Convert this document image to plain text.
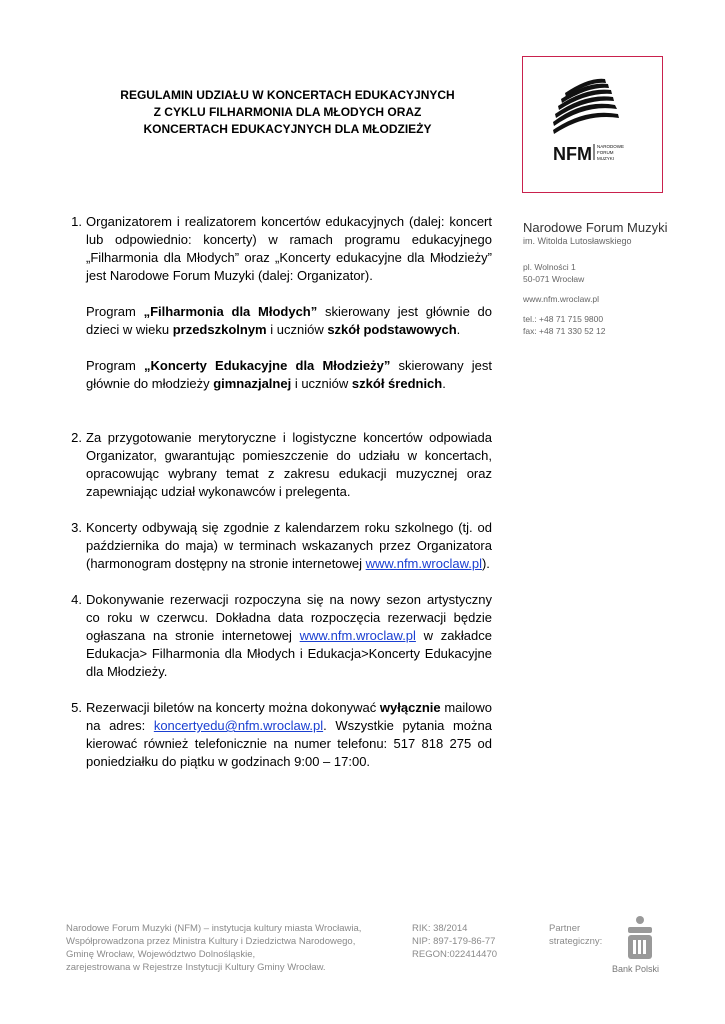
REGULAMIN UDZIAŁU W KONCERTACH EDUKACYJNYCH
Z CYKLU FILHARMONIA DLA MŁODYCH ORAZ
KONCERTACH EDUKACYJNYCH DLA MŁODZIEŻY
NFM NARODOWE
FORUM
MUZYKI
Narodowe Forum Muzyki
im. Witolda Lutosławskiego
pl. Wolności 1
50-071 Wrocław
www.nfm.wroclaw.pl
tel.: +48 71 715 9800
fax: +48 71 330 52 12
1. Organizatorem i realizatorem koncertów edukacyjnych (dalej: koncert lub odpowiednio: koncerty) w ramach programu edukacyjnego „Filharmonia dla Młodych” oraz „Koncerty edukacyjne dla Młodzieży” jest Narodowe Forum Muzyki (dalej: Organizator).

Program „Filharmonia dla Młodych” skierowany jest głównie do dzieci w wieku przedszkolnym i uczniów szkół podstawowych.

Program „Koncerty Edukacyjne dla Młodzieży” skierowany jest głównie do młodzieży gimnazjalnej i uczniów szkół średnich.

2. Za przygotowanie merytoryczne i logistyczne koncertów odpowiada Organizator, gwarantując pomieszczenie do udziału w koncertach, opracowując wybrany temat z zakresu edukacji muzycznej oraz zapewniając udział wykonawców i prelegenta.

3. Koncerty odbywają się zgodnie z kalendarzem roku szkolnego (tj. od października do maja) w terminach wskazanych przez Organizatora (harmonogram dostępny na stronie internetowej www.nfm.wroclaw.pl).

4. Dokonywanie rezerwacji rozpoczyna się na nowy sezon artystyczny co roku w czerwcu. Dokładna data rozpoczęcia rezerwacji będzie ogłaszana na stronie internetowej www.nfm.wroclaw.pl w zakładce Edukacja> Filharmonia dla Młodych i Edukacja>Koncerty Edukacyjne dla Młodzieży.

5. Rezerwacji biletów na koncerty można dokonywać wyłącznie mailowo na adres: koncertyedu@nfm.wroclaw.pl. Wszystkie pytania można kierować również telefonicznie na numer telefonu: 517 818 275 od poniedziałku do piątku w godzinach 9:00 – 17:00.

Narodowe Forum Muzyki (NFM) – instytucja kultury miasta Wrocławia,
Współprowadzona przez Ministra Kultury i Dziedzictwa Narodowego,
Gminę Wrocław, Województwo Dolnośląskie,
zarejestrowana w Rejestrze Instytucji Kultury Gminy Wrocław.
RIK: 38/2014
NIP: 897-179-86-77
REGON:022414470
Partner
strategiczny:
Bank Polski
